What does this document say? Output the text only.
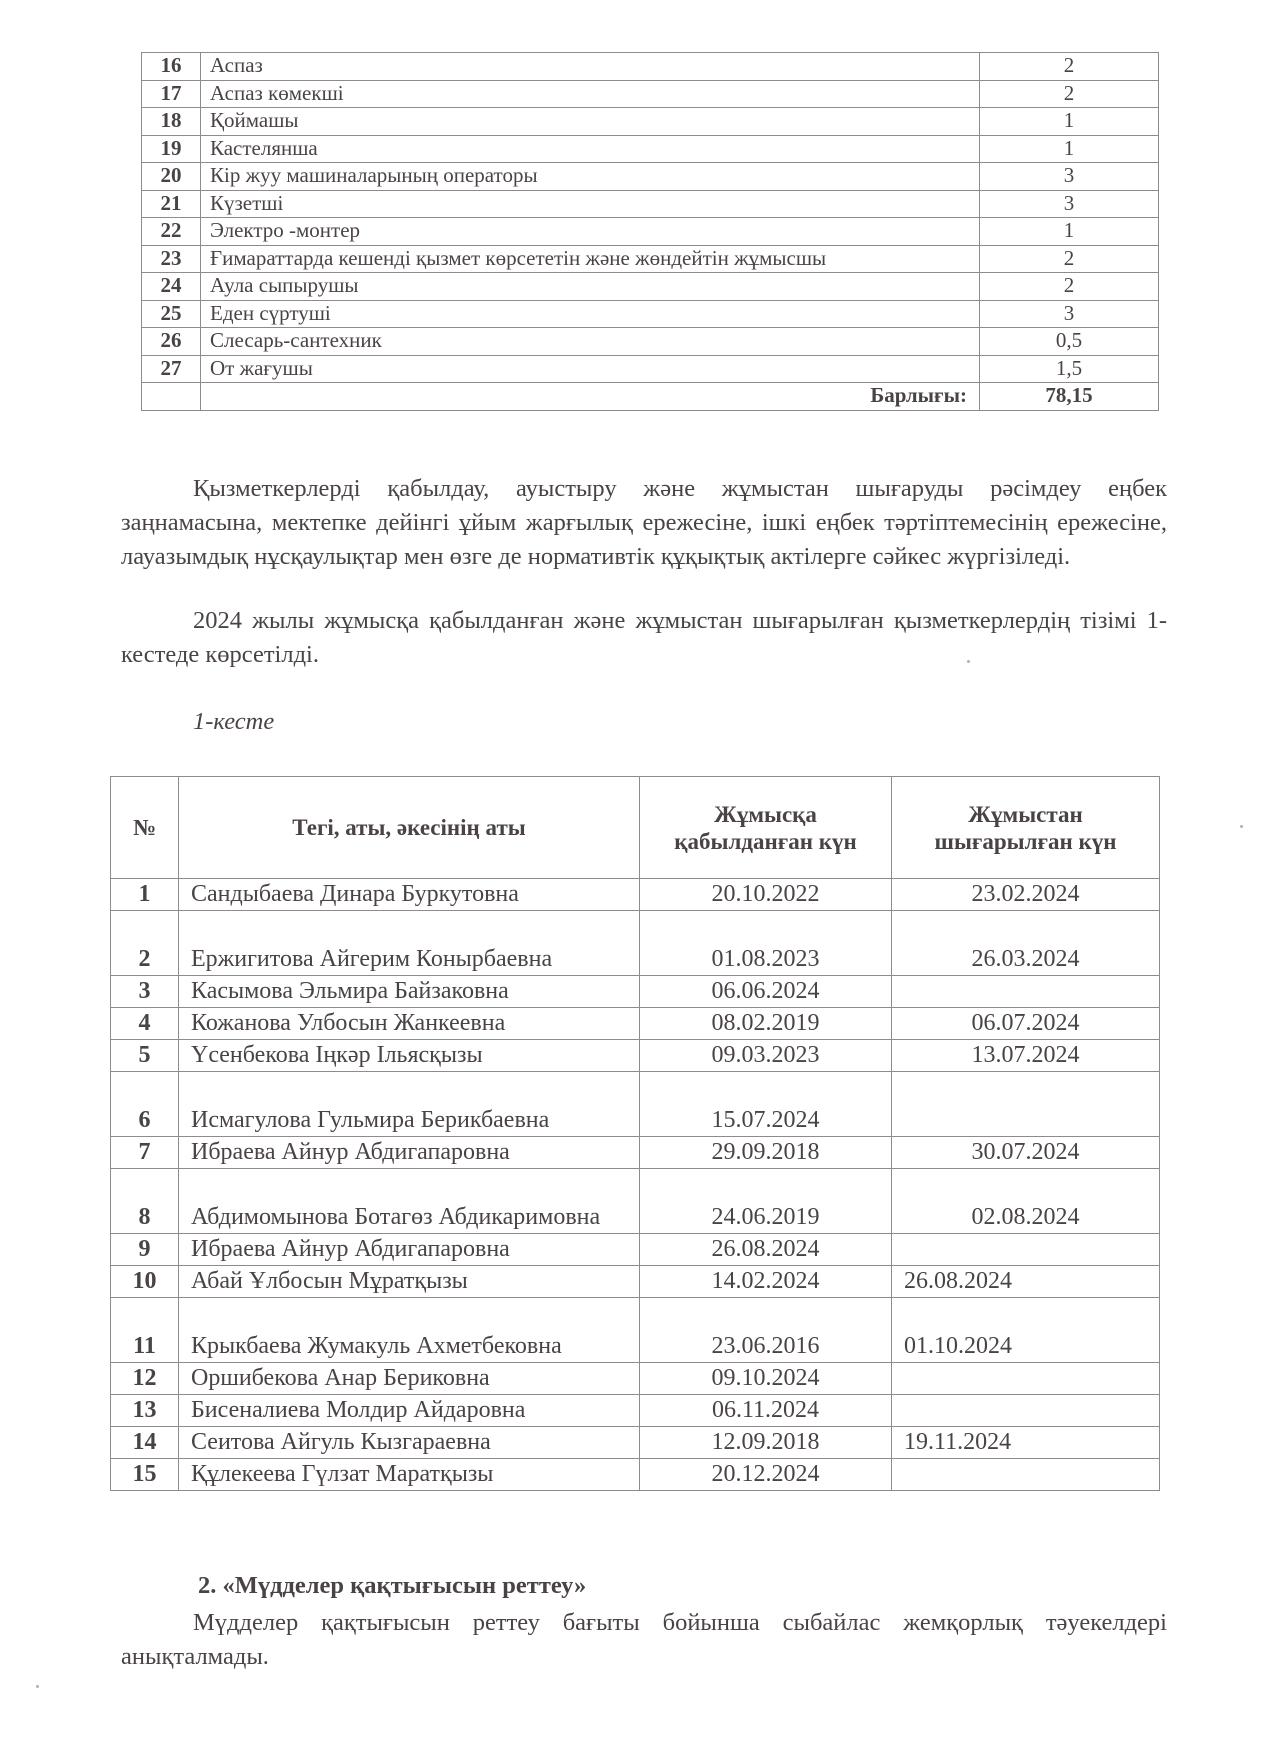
16	Аспаз	2
17	Аспаз көмекші	2
18	Қоймашы	1
19	Кастелянша	1
20	Кір жуу машиналарының операторы	3
21	Күзетші	3
22	Электро -монтер	1
23	Ғимараттарда кешенді қызмет көрсететін және жөндейтін жұмысшы	2
24	Аула сыпырушы	2
25	Еден сүртуші	3
26	Слесарь-сантехник	0,5
27	От жағушы	1,5
	Барлығы:	78,15

Қызметкерлерді қабылдау, ауыстыру және жұмыстан шығаруды рәсімдеу еңбек заңнамасына, мектепке дейінгі ұйым жарғылық ережесіне, ішкі еңбек тәртіптемесінің ережесіне, лауазымдық нұсқаулықтар мен өзге де нормативтік құқықтық актілерге сәйкес жүргізіледі.

2024 жылы жұмысқа қабылданған және жұмыстан шығарылған қызметкерлердің тізімі 1-кестеде көрсетілді.

1-кесте
№	Тегі, аты, әкесінің аты	Жұмысқа қабылданған күн	Жұмыстан шығарылған күн
1	Сандыбаева Динара Буркутовна	20.10.2022	23.02.2024
2	Ержигитова Айгерим Конырбаевна	01.08.2023	26.03.2024
3	Касымова Эльмира Байзаковна	06.06.2024	
4	Кожанова Улбосын Жанкеевна	08.02.2019	06.07.2024
5	Үсенбекова Іңкәр Ільясқызы	09.03.2023	13.07.2024
6	Исмагулова Гульмира Берикбаевна	15.07.2024	
7	Ибраева Айнур Абдигапаровна	29.09.2018	30.07.2024
8	Абдимомынова Ботагөз Абдикаримовна	24.06.2019	02.08.2024
9	Ибраева Айнур Абдигапаровна	26.08.2024	
10	Абай Ұлбосын Мұратқызы	14.02.2024	26.08.2024
11	Крыкбаева Жумакуль Ахметбековна	23.06.2016	01.10.2024
12	Оршибекова Анар Бериковна	09.10.2024	
13	Бисеналиева Молдир Айдаровна	06.11.2024	
14	Сеитова Айгуль Кызгараевна	12.09.2018	19.11.2024
15	Құлекеева Гүлзат Маратқызы	20.12.2024	
2. «Мүдделер қақтығысын реттеу»

Мүдделер қақтығысын реттеу бағыты бойынша сыбайлас жемқорлық тәуекелдері анықталмады.
